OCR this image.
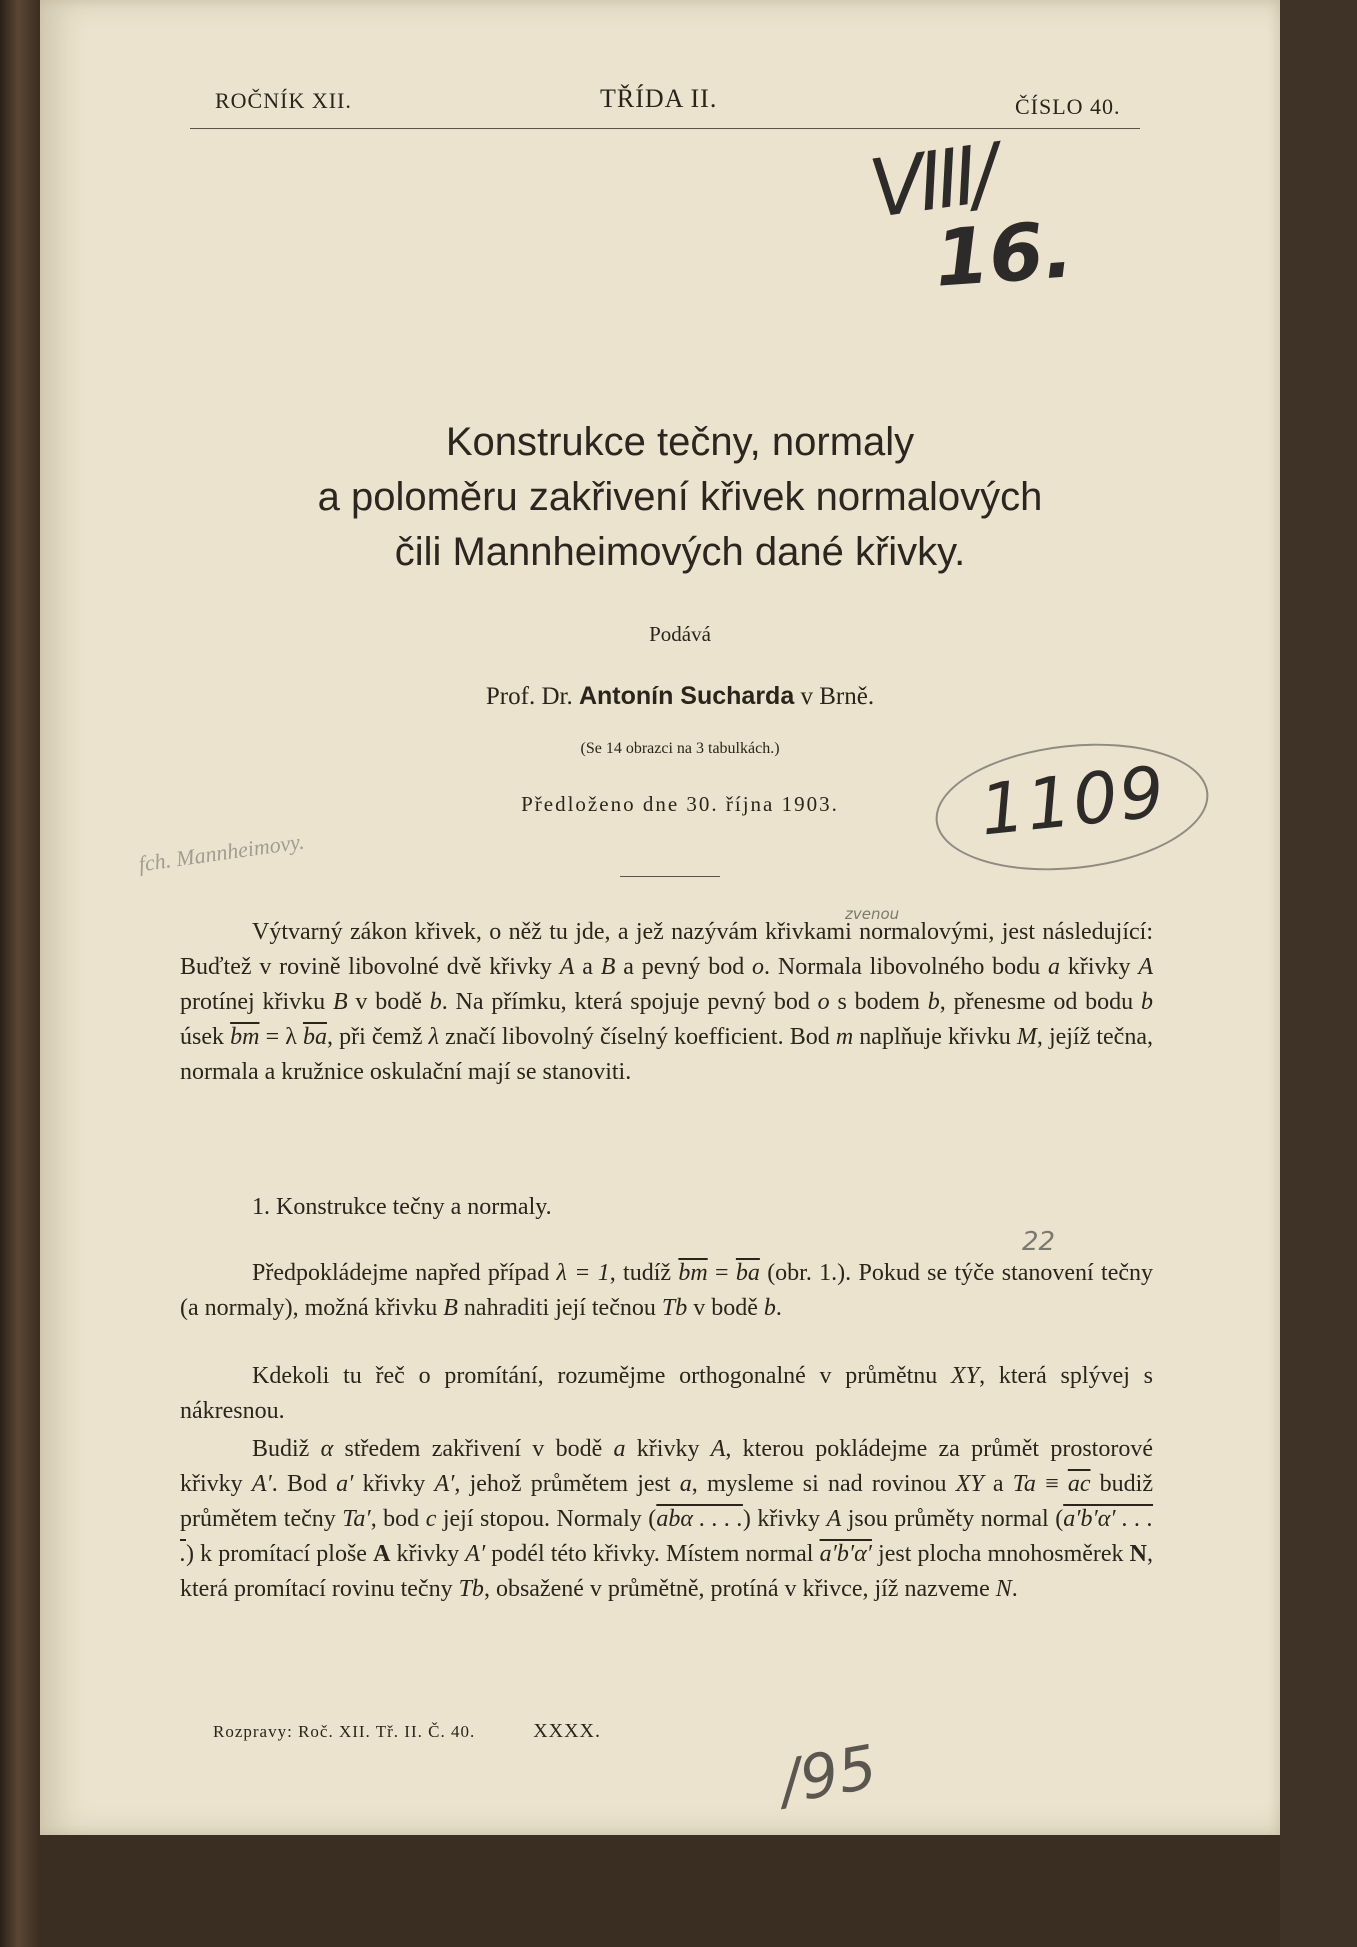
ROČNÍK XII.	TŘÍDA II.	ČÍSLO 40.
VIII/
16.
Konstrukce tečny, normaly
a poloměru zakřivení křivek normalových
čili Mannheimových dané křivky.
Podává
Prof. Dr. Antonín Sucharda v Brně.
(Se 14 obrazci na 3 tabulkách.)
Předloženo dne 30. října 1903.	1109
fch. Mannheimovy.
zvenou

Výtvarný zákon křivek, o něž tu jde, a jež nazývám křivkami normalovými, jest následující: Buďtež v rovině libovolné dvě křivky A a B a pevný bod o. Normala libovolného bodu a křivky A protínej křivku B v bodě b. Na přímku, která spojuje pevný bod o s bodem b, přenesme od bodu b úsek $\overline{bm} = \lambda$ $\overline{ba}$, při čemž λ značí libovolný číselný koefficient. Bod m naplňuje křivku M, jejíž tečna, normala a kružnice oskulační mají se stanoviti.

1. Konstrukce tečny a normaly.
22

Předpokládejme napřed případ λ = 1, tudíž $\overline{bm} = \overline{ba}$ (obr. 1.). Pokud se týče stanovení tečny (a normaly), možná křivku B nahraditi její tečnou Tb v bodě b.

Kdekoli tu řeč o promítání, rozumějme orthogonalné v průmětnu XY, která splývej s nákresnou.

Budiž α středem zakřivení v bodě a křivky A, kterou pokládejme za průmět prostorové křivky A′. Bod a′ křivky A′, jehož průmětem jest a, mysleme si nad rovinou XY a $Ta \equiv \overline{ac}$ budiž průmětem tečny Ta′, bod c její stopou. Normaly (abα . . . .) křivky A jsou průměty normal (a′b′α′ . . . .) k promítací ploše A křivky A′ podél této křivky. Místem normal a′b′α′ jest plocha mnohosměrek N, která promítací rovinu tečny Tb, obsažené v průmětně, protíná v křivce, jíž nazveme N.

Rozpravy: Roč. XII. Tř. II. Č. 40.	XXXX.
/95
